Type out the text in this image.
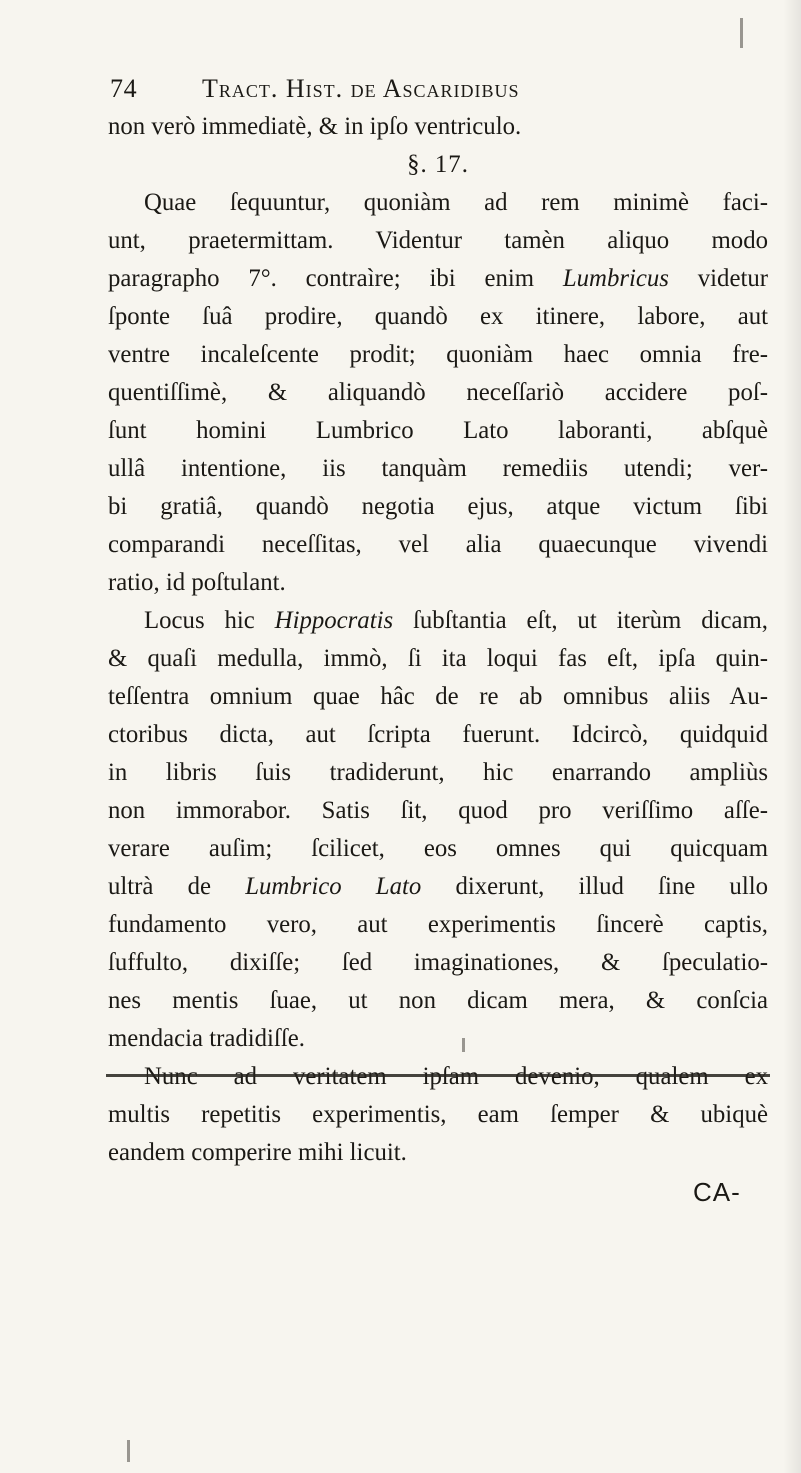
74 Tract. Hist. de Ascaridibus
non verò immediatè, & in ipſo ventriculo.
§. 17.
Quae ſequuntur, quoniàm ad rem minimè faci-
unt, praetermittam. Videntur tamèn aliquo modo
paragrapho 7°. contraìre; ibi enim Lumbricus videtur
ſponte ſuâ prodire, quandò ex itinere, labore, aut
ventre incaleſcente prodit; quoniàm haec omnia fre-
quentiſſimè, & aliquandò neceſſariò accidere poſ-
ſunt homini Lumbrico Lato laboranti, abſquè
ullâ intentione, iis tanquàm remediis utendi; ver-
bi gratiâ, quandò negotia ejus, atque victum ſibi
comparandi neceſſitas, vel alia quaecunque vivendi
ratio, id poſtulant.
Locus hic Hippocratis ſubſtantia eſt, ut iterùm dicam,
& quaſi medulla, immò, ſi ita loqui fas eſt, ipſa quin-
teſſentra omnium quae hâc de re ab omnibus aliis Au-
ctoribus dicta, aut ſcripta fuerunt. Idcircò, quidquid
in libris ſuis tradiderunt, hic enarrando ampliùs
non immorabor. Satis ſit, quod pro veriſſimo aſſe-
verare auſim; ſcilicet, eos omnes qui quicquam
ultrà de Lumbrico Lato dixerunt, illud ſine ullo
fundamento vero, aut experimentis ſincerè captis,
ſuffulto, dixiſſe; ſed imaginationes, & ſpeculatio-
nes mentis ſuae, ut non dicam mera, & conſcia
mendacia tradidiſſe.
multis repetitis experimentis, eam ſemper & ubiquè
eandem comperire mihi licuit.
CA-
